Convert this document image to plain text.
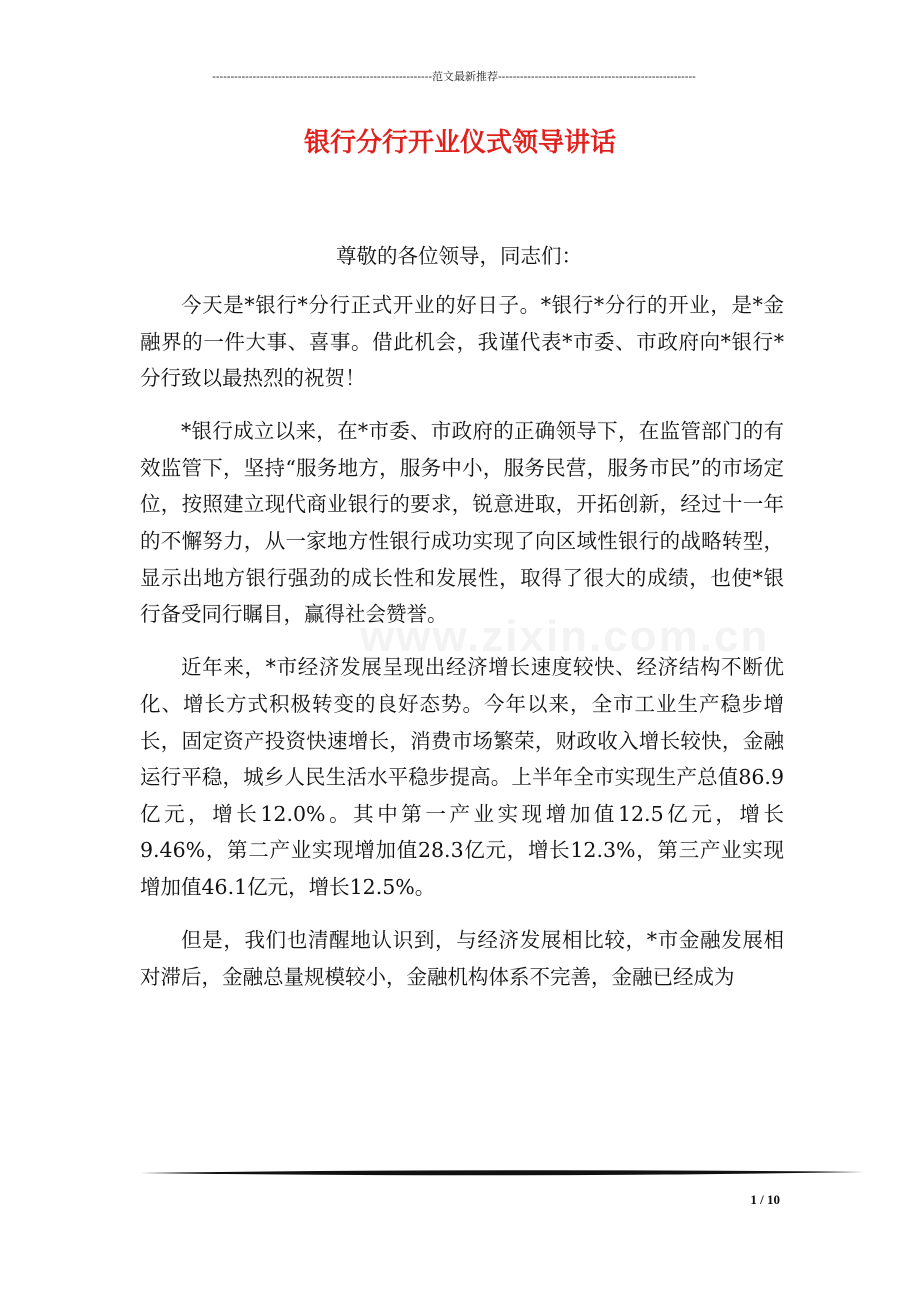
------------------------------------------------------------范文最新推荐------------------------------------------------------
银行分行开业仪式领导讲话
尊敬的各位领导，同志们：

今天是*银行*分行正式开业的好日子。*银行*分行的开业，是*金融界的一件大事、喜事。借此机会，我谨代表*市委、市政府向*银行*分行致以最热烈的祝贺！

*银行成立以来，在*市委、市政府的正确领导下，在监管部门的有效监管下，坚持“服务地方，服务中小，服务民营，服务市民”的市场定位，按照建立现代商业银行的要求，锐意进取，开拓创新，经过十一年的不懈努力，从一家地方性银行成功实现了向区域性银行的战略转型，显示出地方银行强劲的成长性和发展性，取得了很大的成绩，也使*银行备受同行瞩目，赢得社会赞誉。

近年来，*市经济发展呈现出经济增长速度较快、经济结构不断优化、增长方式积极转变的良好态势。今年以来，全市工业生产稳步增长，固定资产投资快速增长，消费市场繁荣，财政收入增长较快，金融运行平稳，城乡人民生活水平稳步提高。上半年全市实现生产总值86.9亿元，增长12.0%。其中第一产业实现增加值12.5亿元，增长9.46%，第二产业实现增加值28.3亿元，增长12.3%，第三产业实现增加值46.1亿元，增长12.5%。

但是，我们也清醒地认识到，与经济发展相比较，*市金融发展相对滞后，金融总量规模较小，金融机构体系不完善，金融已经成为

www.zixin.com.cn
1 / 10
